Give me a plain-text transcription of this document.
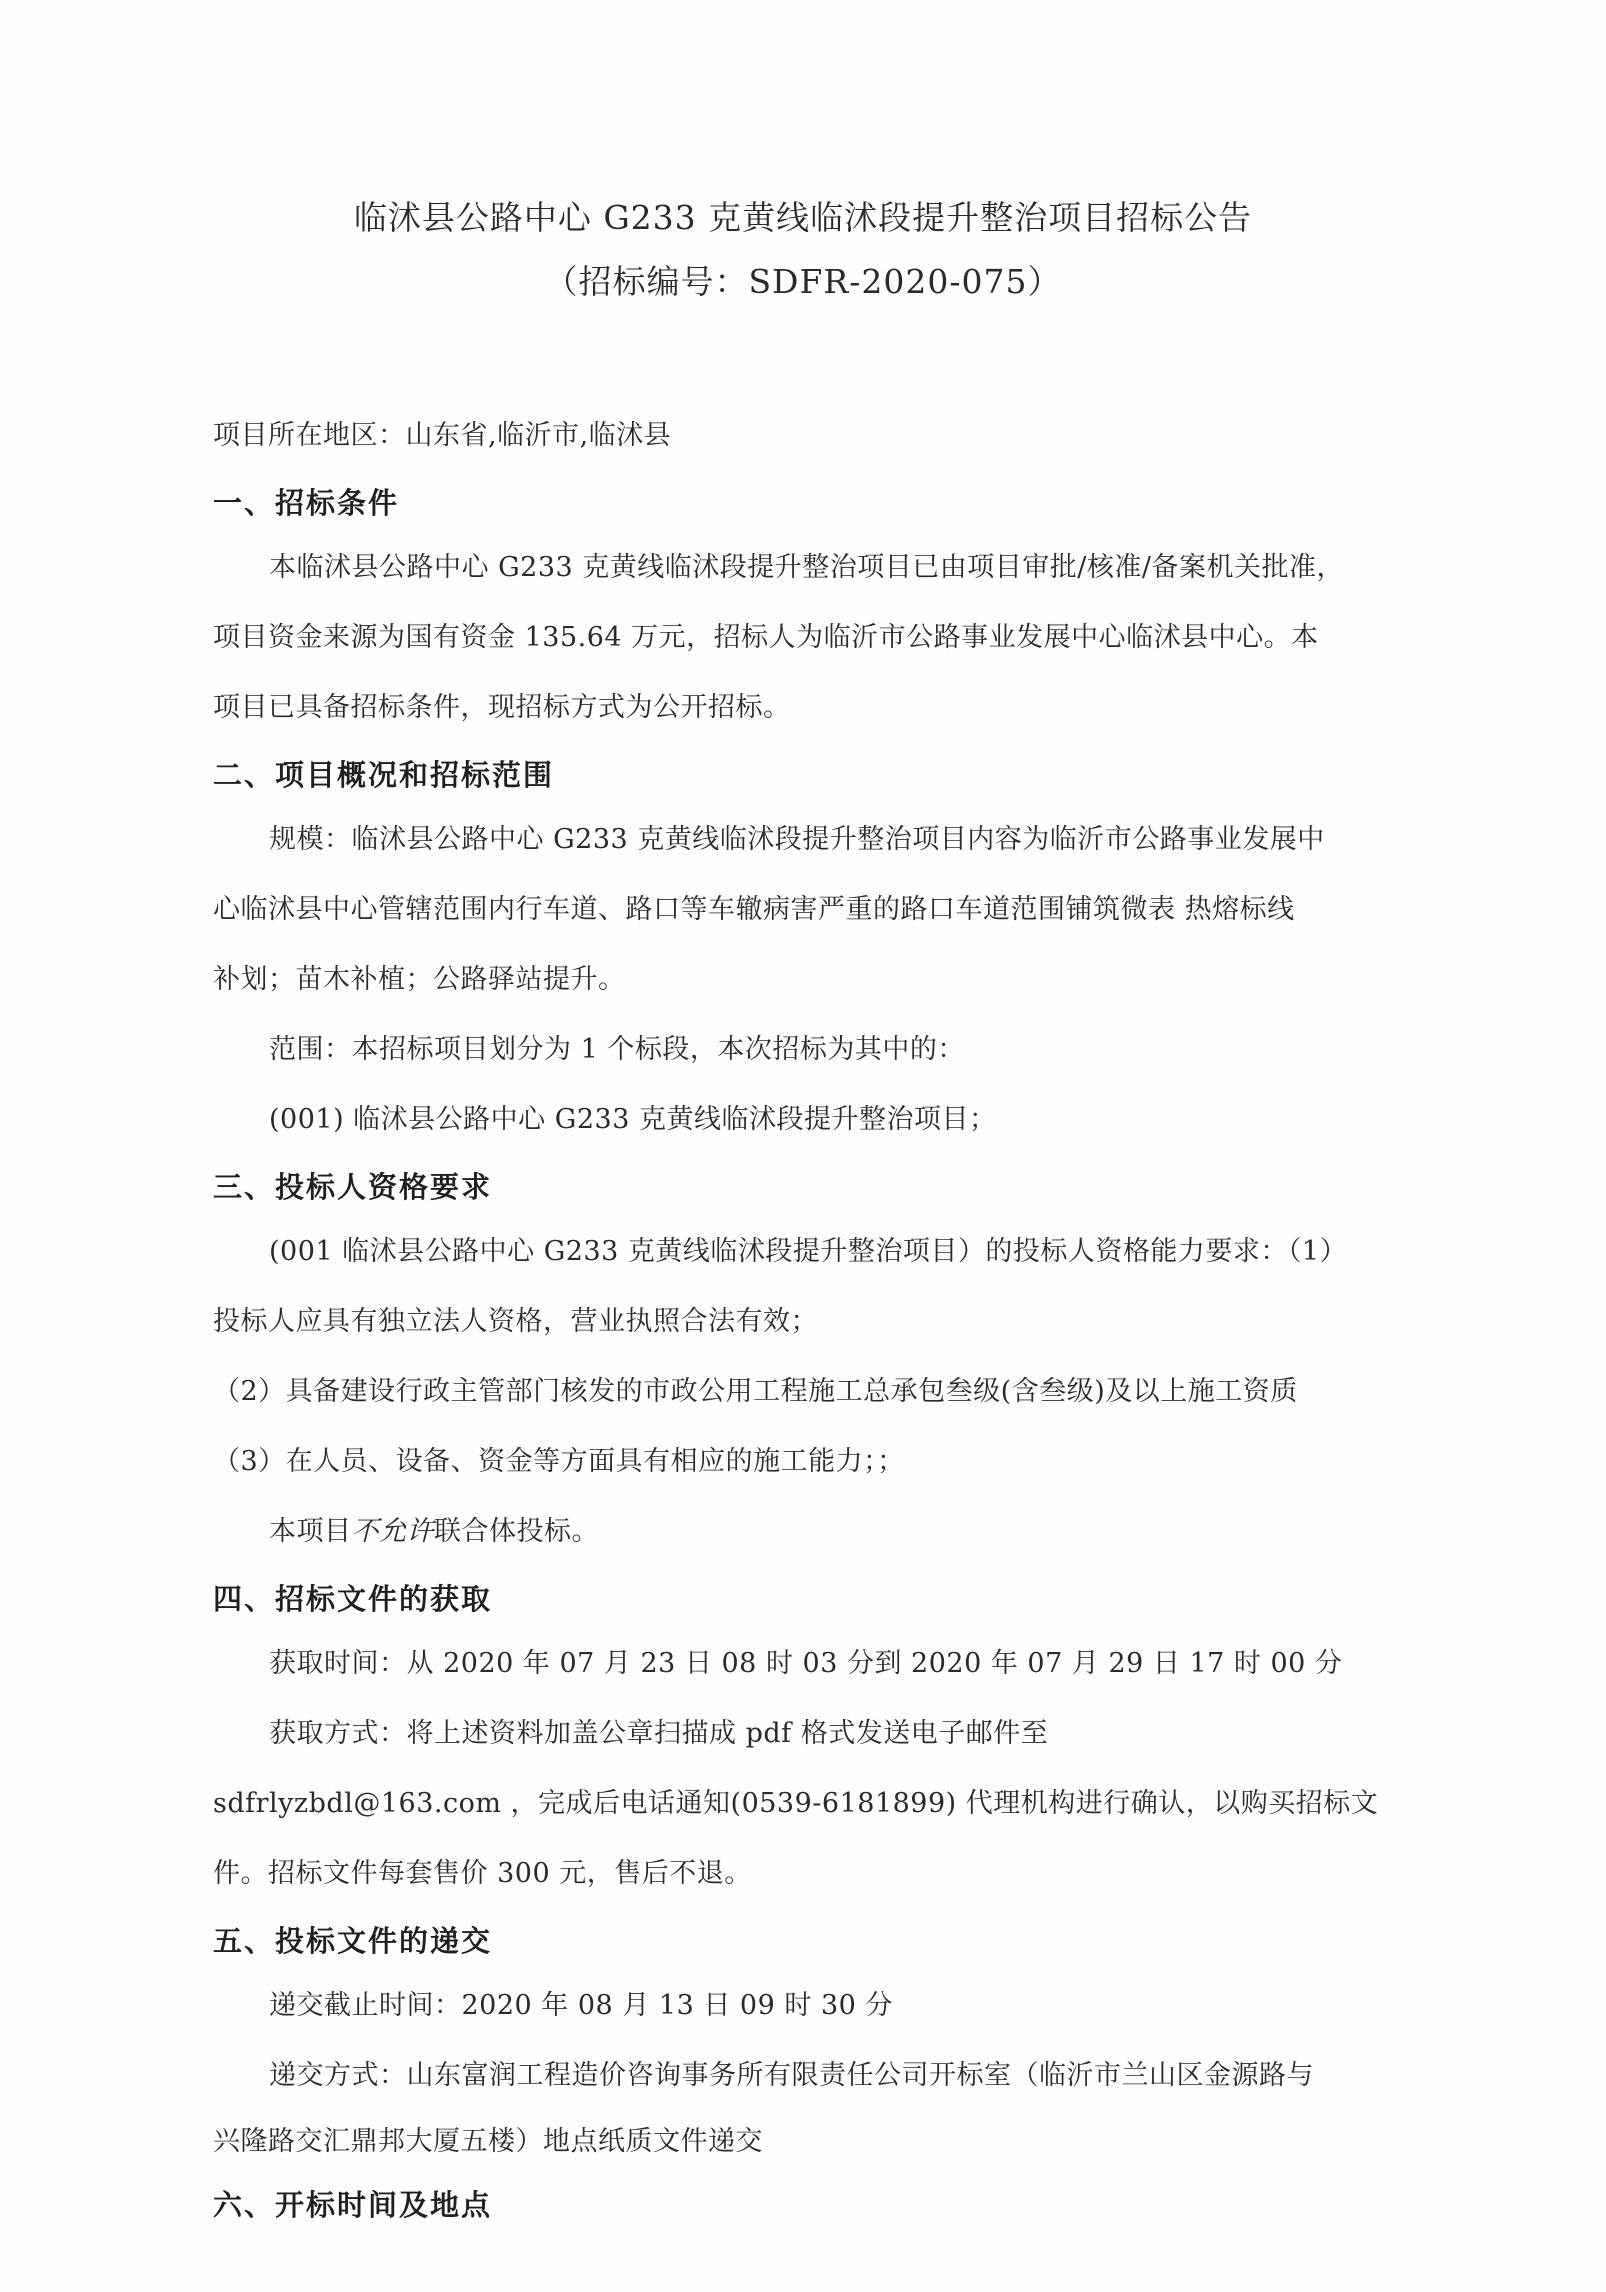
临沭县公路中心 G233 克黄线临沭段提升整治项目招标公告
（招标编号：SDFR-2020-075）

项目所在地区：山东省,临沂市,临沭县

一、招标条件

本临沭县公路中心 G233 克黄线临沭段提升整治项目已由项目审批/核准/备案机关批准，

项目资金来源为国有资金 135.64 万元，招标人为临沂市公路事业发展中心临沭县中心。本

项目已具备招标条件，现招标方式为公开招标。

二、项目概况和招标范围

规模：临沭县公路中心 G233 克黄线临沭段提升整治项目内容为临沂市公路事业发展中

心临沭县中心管辖范围内行车道、路口等车辙病害严重的路口车道范围铺筑微表 热熔标线

补划；苗木补植；公路驿站提升。

范围：本招标项目划分为 1 个标段，本次招标为其中的：

(001) 临沭县公路中心 G233 克黄线临沭段提升整治项目；

三、投标人资格要求

(001 临沭县公路中心 G233 克黄线临沭段提升整治项目）的投标人资格能力要求：（1）

投标人应具有独立法人资格，营业执照合法有效；

（2）具备建设行政主管部门核发的市政公用工程施工总承包叁级(含叁级)及以上施工资质

（3）在人员、设备、资金等方面具有相应的施工能力；；

本项目不允许联合体投标。

四、招标文件的获取

获取时间：从 2020 年 07 月 23 日 08 时 03 分到 2020 年 07 月 29 日 17 时 00 分

获取方式：将上述资料加盖公章扫描成 pdf 格式发送电子邮件至

sdfrlyzbdl@163.com ，完成后电话通知(0539-6181899) 代理机构进行确认，以购买招标文

件。招标文件每套售价 300 元，售后不退。

五、投标文件的递交

递交截止时间：2020 年 08 月 13 日 09 时 30 分

递交方式：山东富润工程造价咨询事务所有限责任公司开标室（临沂市兰山区金源路与

兴隆路交汇鼎邦大厦五楼）地点纸质文件递交

六、开标时间及地点
